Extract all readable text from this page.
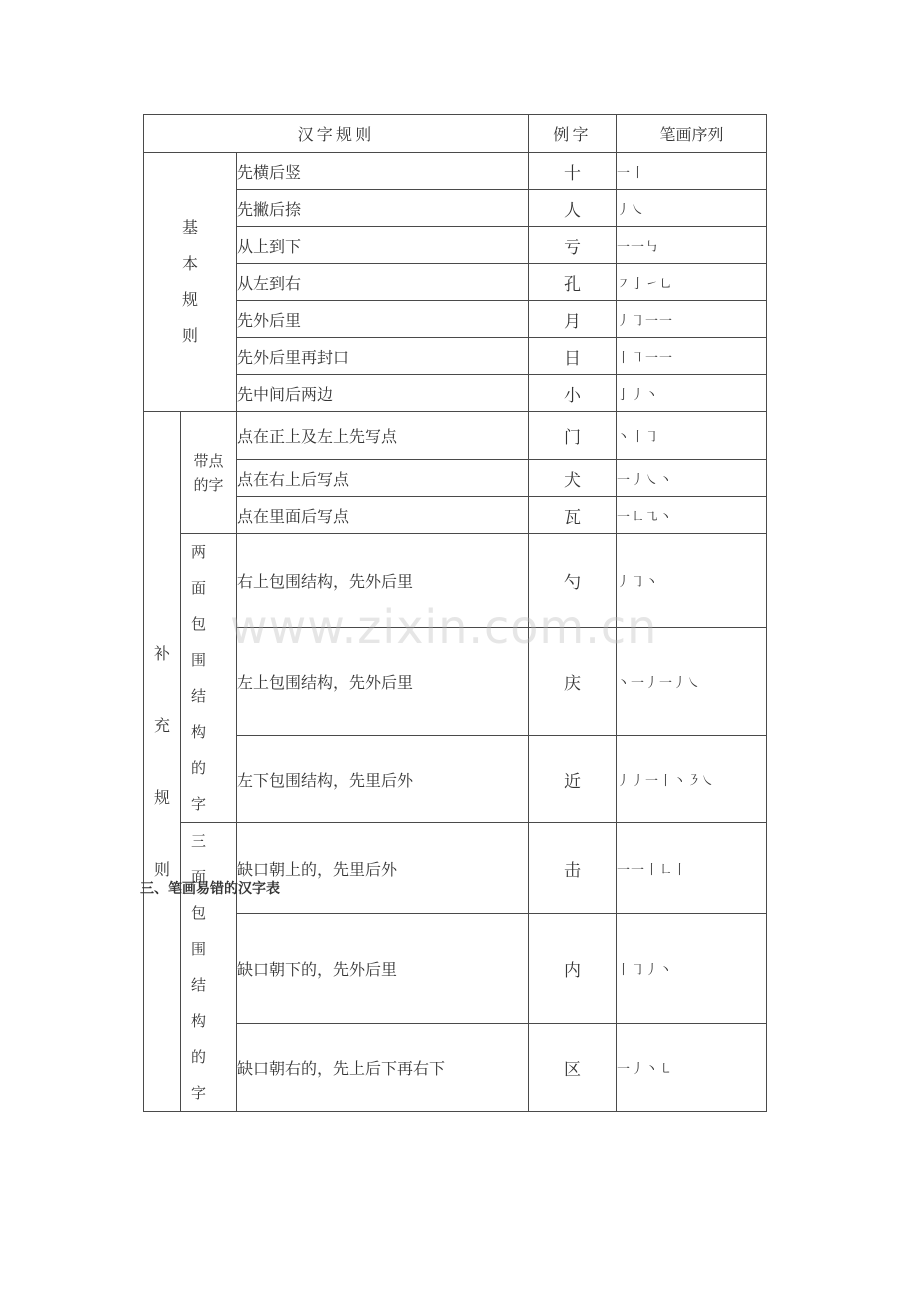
汉字规则			例字	笔画序列
基本规则		先横后竖	十	一丨
		先撇后捺	人	丿㇏
		从上到下	亏	一一㇉
		从左到右	孔	㇇亅㇀㇟
		先外后里	月	丿㇆一一
		先外后里再封口	日	丨㇕一一
		先中间后两边	小	亅丿丶
补充规则	带点的字	点在正上及左上先写点	门	丶丨㇆
		点在右上后写点	犬	一丿㇏丶
		点在里面后写点	瓦	一㇗㇈丶
	两面包围结构的字	右上包围结构，先外后里	勺	丿㇆丶
		左上包围结构，先外后里	庆	丶一丿一丿㇏
		左下包围结构，先里后外	近	丿丿一丨丶㇋㇏
	三面包围结构的字	缺口朝上的，先里后外	击	一一丨㇗丨
		缺口朝下的，先外后里	内	丨㇆丿丶
		缺口朝右的，先上后下再右下	区	一丿丶㇄
www.zixin.com.cn
三、笔画易错的汉字表
